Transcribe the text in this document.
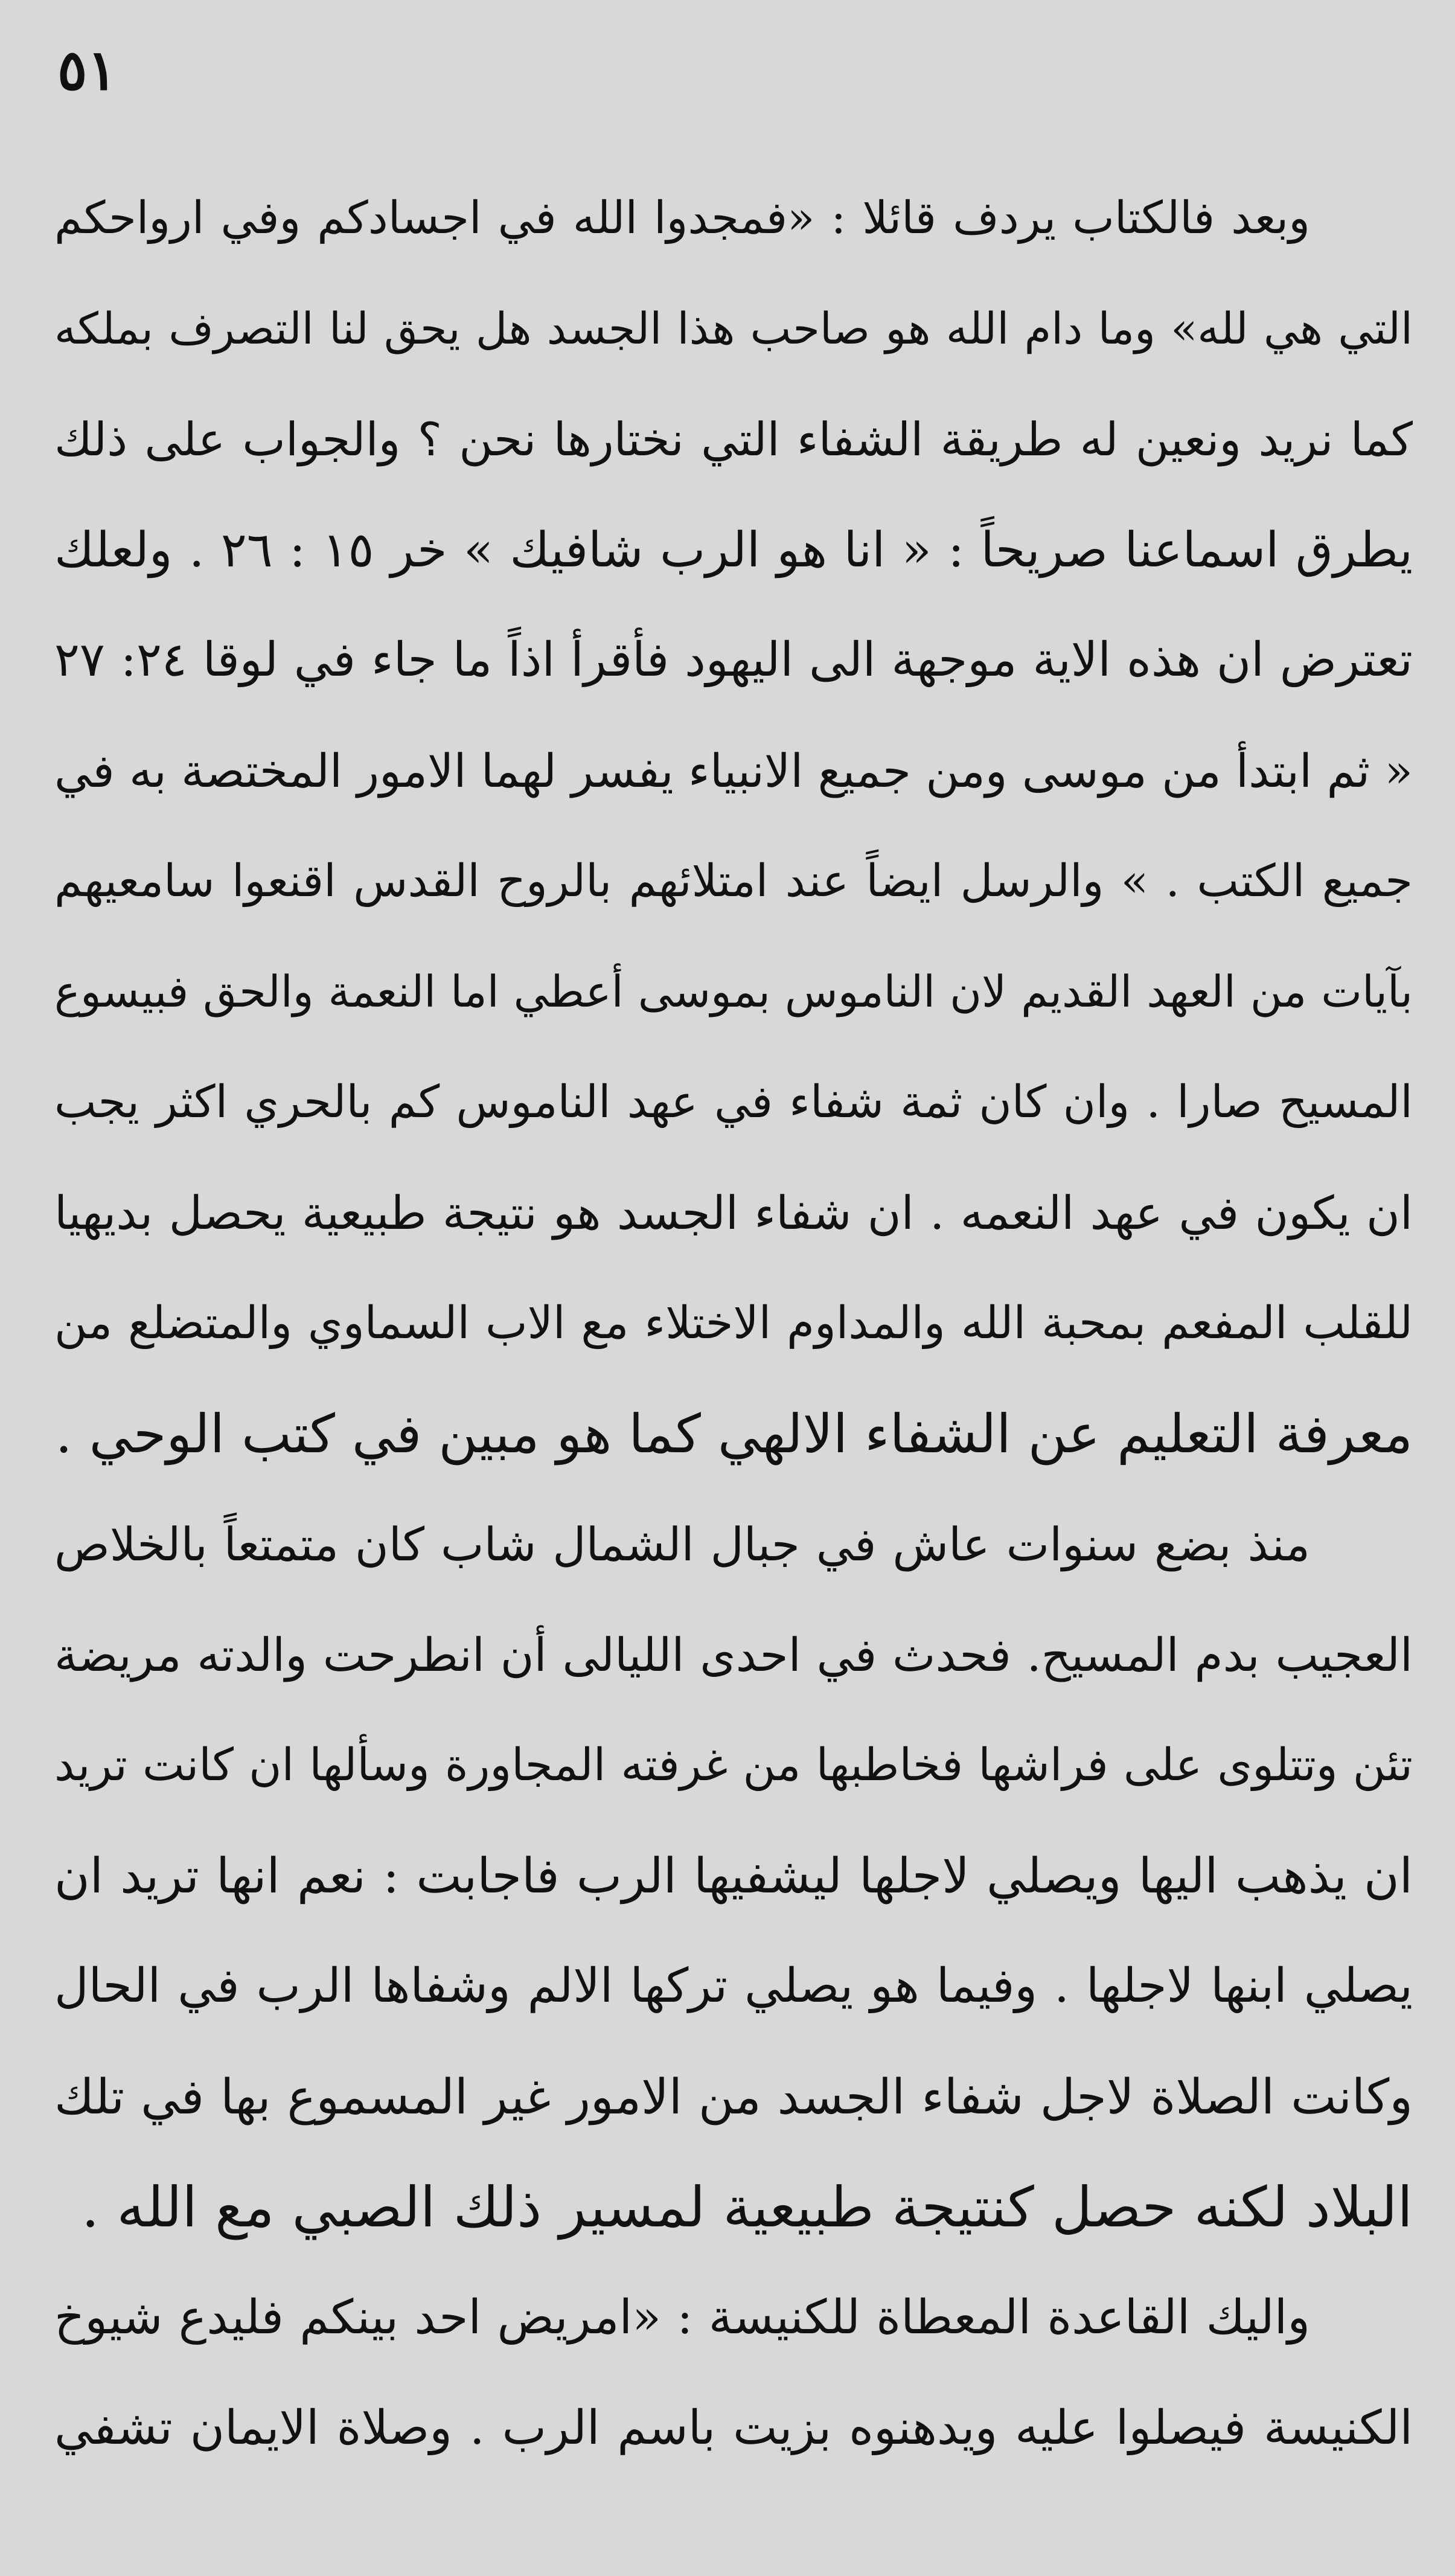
٥١
وبعد فالكتاب يردف قائلا : «فمجدوا الله في اجسادكم وفي ارواحكم
التي هي لله» وما دام الله هو صاحب هذا الجسد هل يحق لنا التصرف بملكه
كما نريد ونعين له طريقة الشفاء التي نختارها نحن ؟ والجواب على ذلك
يطرق اسماعنا صريحاً : « انا هو الرب شافيك » خر ١٥ : ٢٦ . ولعلك
تعترض ان هذه الاية موجهة الى اليهود فأقرأ اذاً ما جاء في لوقا ٢٤: ٢٧
« ثم ابتدأ من موسى ومن جميع الانبياء يفسر لهما الامور المختصة به في
جميع الكتب . » والرسل ايضاً عند امتلائهم بالروح القدس اقنعوا سامعيهم
بآيات من العهد القديم لان الناموس بموسى أعطي اما النعمة والحق فبيسوع
المسيح صارا . وان كان ثمة شفاء في عهد الناموس كم بالحري اكثر يجب
ان يكون في عهد النعمه . ان شفاء الجسد هو نتيجة طبيعية يحصل بديهيا
للقلب المفعم بمحبة الله والمداوم الاختلاء مع الاب السماوي والمتضلع من
معرفة التعليم عن الشفاء الالهي كما هو مبين في كتب الوحي .
منذ بضع سنوات عاش في جبال الشمال شاب كان متمتعاً بالخلاص
العجيب بدم المسيح. فحدث في احدى الليالى أن انطرحت والدته مريضة
تئن وتتلوى على فراشها فخاطبها من غرفته المجاورة وسألها ان كانت تريد
ان يذهب اليها ويصلي لاجلها ليشفيها الرب فاجابت : نعم انها تريد ان
يصلي ابنها لاجلها . وفيما هو يصلي تركها الالم وشفاها الرب في الحال
وكانت الصلاة لاجل شفاء الجسد من الامور غير المسموع بها في تلك
البلاد لكنه حصل كنتيجة طبيعية لمسير ذلك الصبي مع الله .
واليك القاعدة المعطاة للكنيسة : «امريض احد بينكم فليدع شيوخ
الكنيسة فيصلوا عليه ويدهنوه بزيت باسم الرب . وصلاة الايمان تشفي
